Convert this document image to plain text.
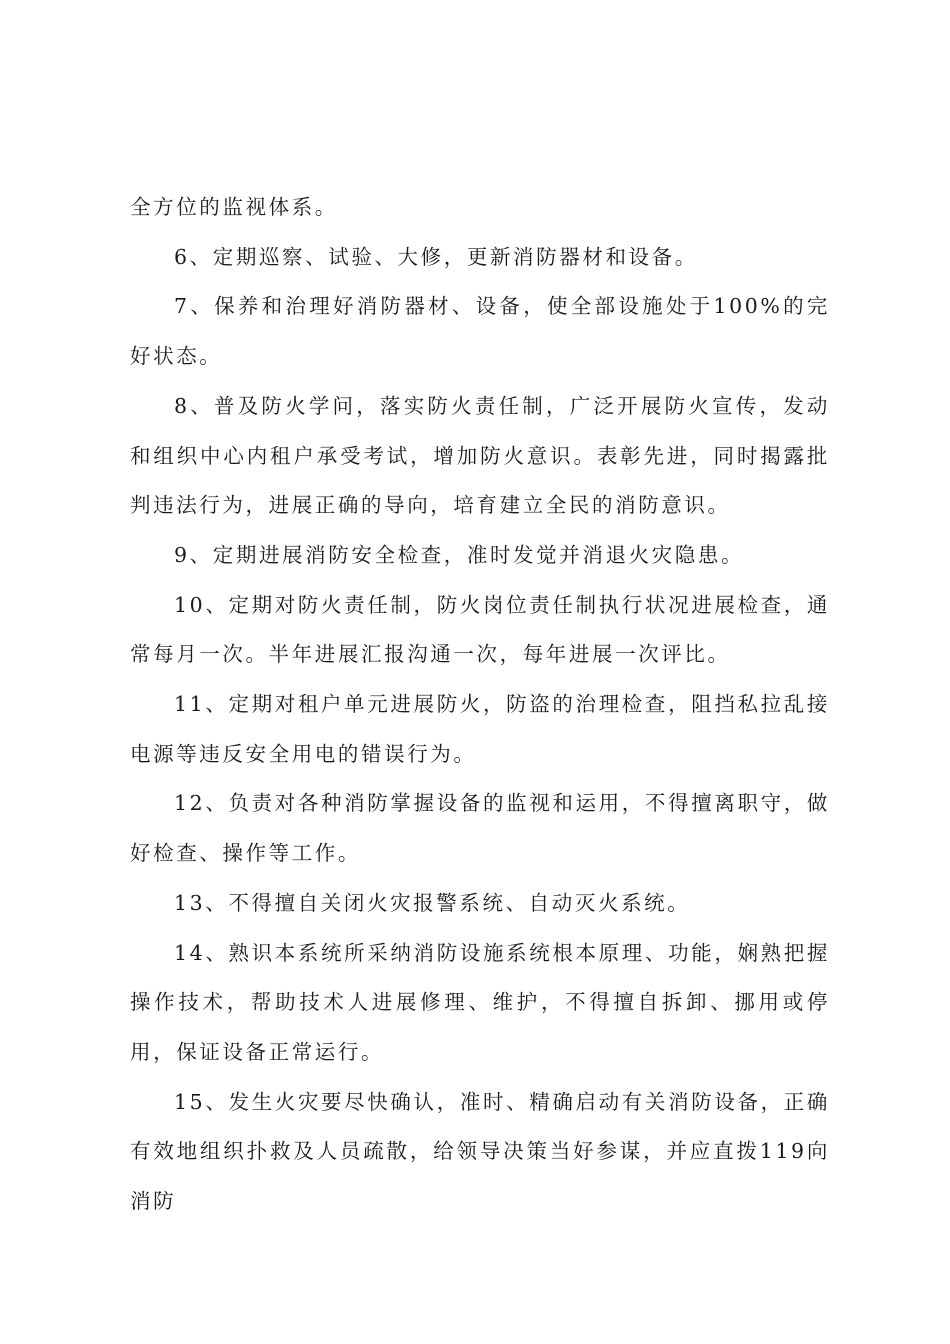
全方位的监视体系。

6、定期巡察、试验、大修，更新消防器材和设备。

7、保养和治理好消防器材、设备，使全部设施处于100%的完好状态。

8、普及防火学问，落实防火责任制，广泛开展防火宣传，发动和组织中心内租户承受考试，增加防火意识。表彰先进，同时揭露批判违法行为，进展正确的导向，培育建立全民的消防意识。

9、定期进展消防安全检查，准时发觉并消退火灾隐患。

10、定期对防火责任制，防火岗位责任制执行状况进展检查，通常每月一次。半年进展汇报沟通一次，每年进展一次评比。

11、定期对租户单元进展防火，防盗的治理检查，阻挡私拉乱接电源等违反安全用电的错误行为。

12、负责对各种消防掌握设备的监视和运用，不得擅离职守，做好检查、操作等工作。

13、不得擅自关闭火灾报警系统、自动灭火系统。

14、熟识本系统所采纳消防设施系统根本原理、功能，娴熟把握操作技术，帮助技术人进展修理、维护，不得擅自拆卸、挪用或停用，保证设备正常运行。

15、发生火灾要尽快确认，准时、精确启动有关消防设备，正确有效地组织扑救及人员疏散，给领导决策当好参谋，并应直拨119向消防
